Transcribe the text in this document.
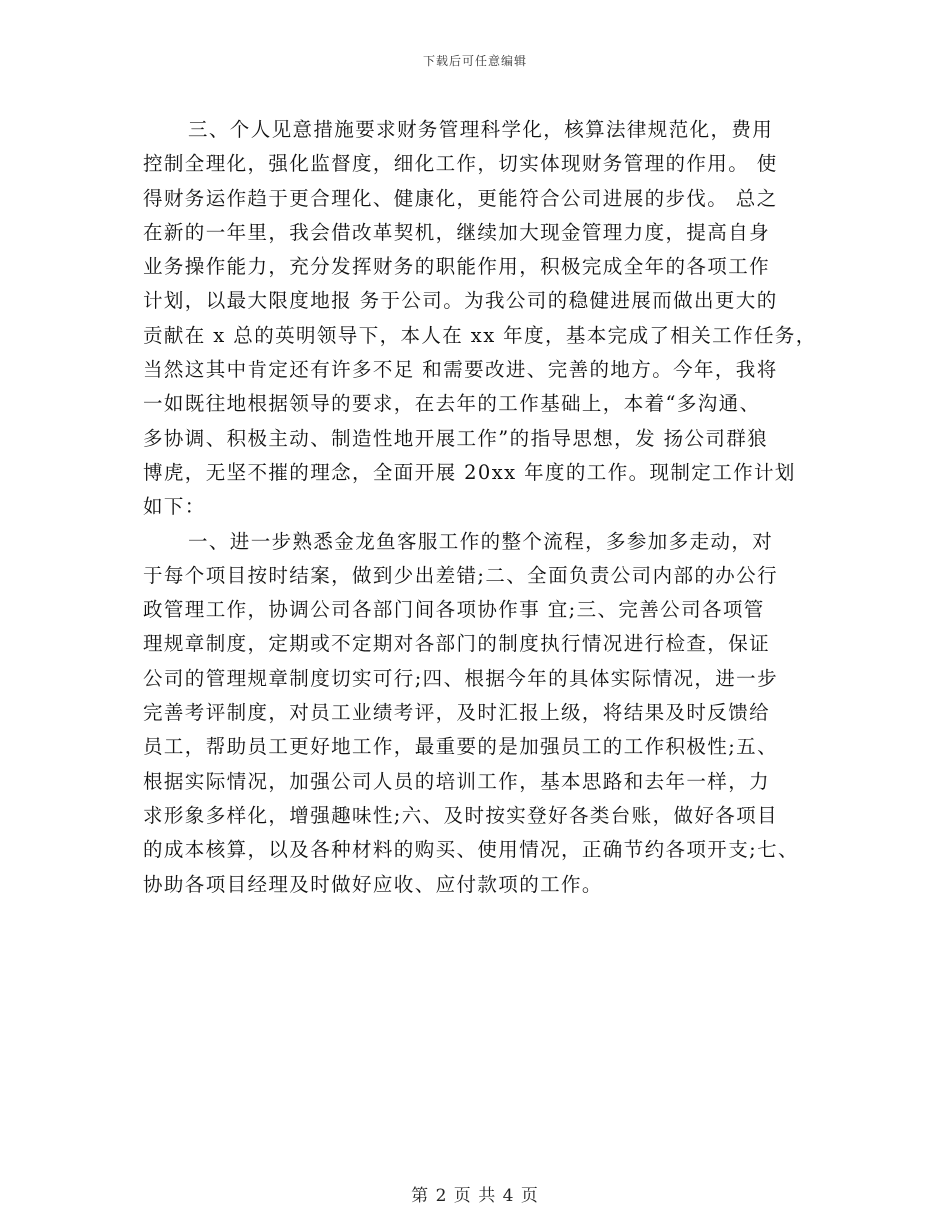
下载后可任意编辑
三、个人见意措施要求财务管理科学化，核算法律规范化，费用
控制全理化，强化监督度，细化工作，切实体现财务管理的作用。 使
得财务运作趋于更合理化、健康化，更能符合公司进展的步伐。 总之
在新的一年里，我会借改革契机，继续加大现金管理力度，提高自身
业务操作能力，充分发挥财务的职能作用，积极完成全年的各项工作
计划，以最大限度地报 务于公司。为我公司的稳健进展而做出更大的
贡献在 x 总的英明领导下，本人在 xx 年度，基本完成了相关工作任务，
当然这其中肯定还有许多不足 和需要改进、完善的地方。今年，我将
一如既往地根据领导的要求，在去年的工作基础上，本着“多沟通、
多协调、积极主动、制造性地开展工作”的指导思想，发 扬公司群狼
博虎，无坚不摧的理念，全面开展 20xx 年度的工作。现制定工作计划
如下：
一、进一步熟悉金龙鱼客服工作的整个流程，多参加多走动，对
于每个项目按时结案，做到少出差错;二、全面负责公司内部的办公行
政管理工作，协调公司各部门间各项协作事 宜;三、完善公司各项管
理规章制度，定期或不定期对各部门的制度执行情况进行检查，保证
公司的管理规章制度切实可行;四、根据今年的具体实际情况，进一步
完善考评制度，对员工业绩考评，及时汇报上级，将结果及时反馈给
员工，帮助员工更好地工作，最重要的是加强员工的工作积极性;五、
根据实际情况，加强公司人员的培训工作，基本思路和去年一样，力
求形象多样化，增强趣味性;六、及时按实登好各类台账，做好各项目
的成本核算，以及各种材料的购买、使用情况，正确节约各项开支;七、
协助各项目经理及时做好应收、应付款项的工作。
第 2 页 共 4 页
